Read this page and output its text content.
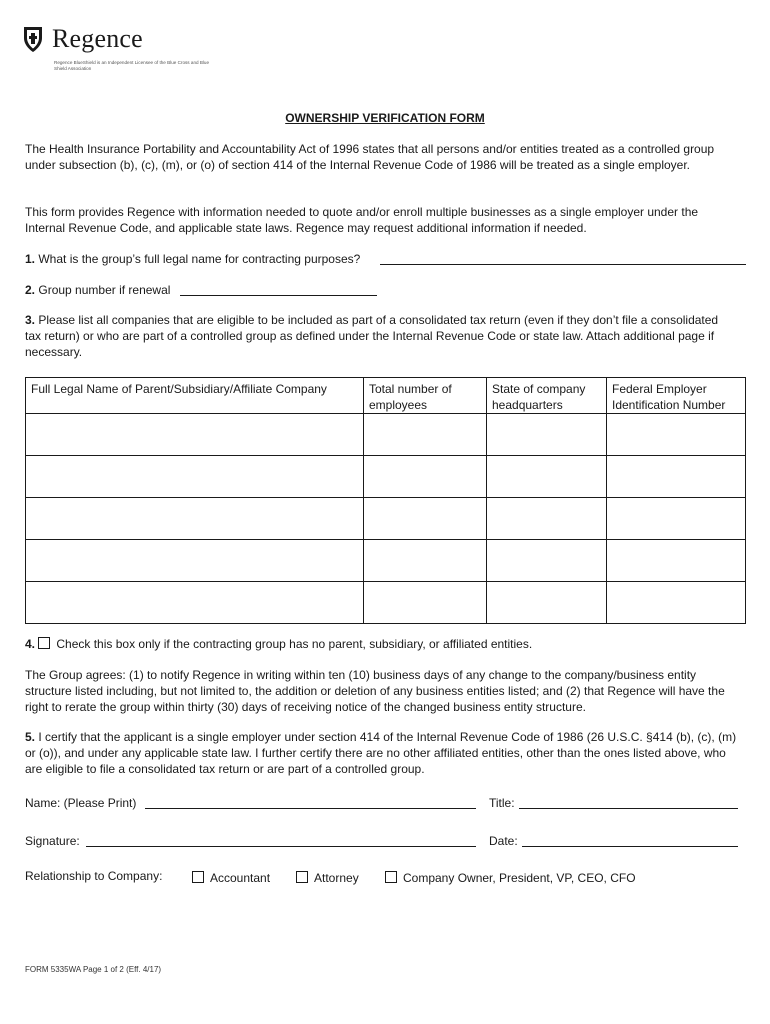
Regence
Regence BlueShield is an Independent Licensee of the Blue Cross and Blue Shield Association
OWNERSHIP VERIFICATION FORM
The Health Insurance Portability and Accountability Act of 1996 states that all persons and/or entities treated as a controlled group under subsection (b), (c), (m), or (o) of section 414 of the Internal Revenue Code of 1986 will be treated as a single employer.
This form provides Regence with information needed to quote and/or enroll multiple businesses as a single employer under the Internal Revenue Code, and applicable state laws. Regence may request additional information if needed.
1. What is the group’s full legal name for contracting purposes?
2. Group number if renewal
3. Please list all companies that are eligible to be included as part of a consolidated tax return (even if they don’t file a consolidated tax return) or who are part of a controlled group as defined under the Internal Revenue Code or state law. Attach additional page if necessary.
Full Legal Name of Parent/Subsidiary/Affiliate Company	Total number of employees	State of company headquarters	Federal Employer Identification Number

4. Check this box only if the contracting group has no parent, subsidiary, or affiliated entities.
The Group agrees: (1) to notify Regence in writing within ten (10) business days of any change to the company/business entity structure listed including, but not limited to, the addition or deletion of any business entities listed; and (2) that Regence will have the right to rerate the group within thirty (30) days of receiving notice of the changed business entity structure.
5. I certify that the applicant is a single employer under section 414 of the Internal Revenue Code of 1986 (26 U.S.C. §414 (b), (c), (m) or (o)), and under any applicable state law. I further certify there are no other affiliated entities, other than the ones listed above, who are eligible to file a consolidated tax return or are part of a controlled group.
Name: (Please Print)	Title:
Signature:	Date:
Relationship to Company:	Accountant	Attorney	Company Owner, President, VP, CEO, CFO
FORM 5335WA Page 1 of 2 (Eff. 4/17)
